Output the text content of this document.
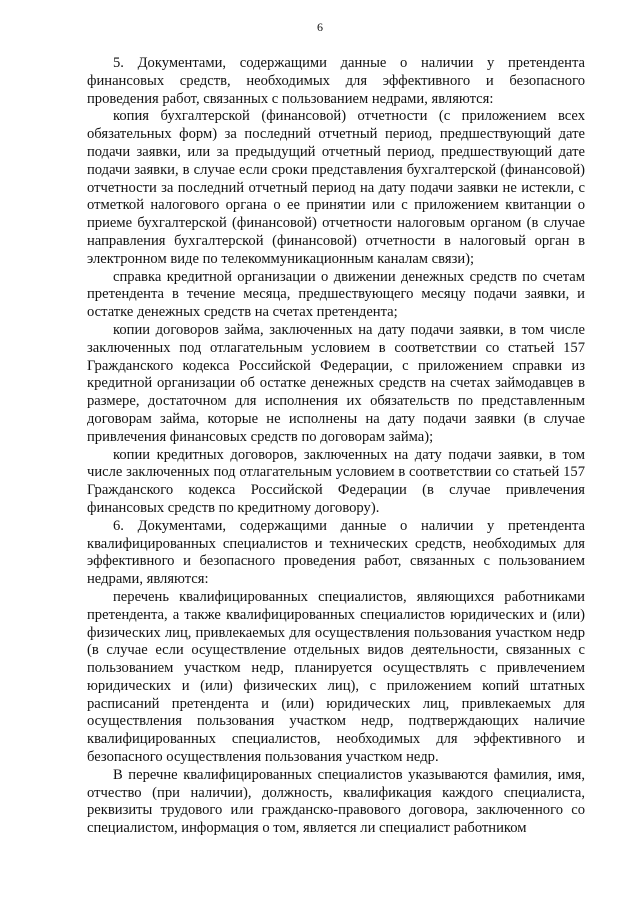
6

5. Документами, содержащими данные о наличии у претендента финансовых средств, необходимых для эффективного и безопасного проведения работ, связанных с пользованием недрами, являются:

копия бухгалтерской (финансовой) отчетности (с приложением всех обязательных форм) за последний отчетный период, предшествующий дате подачи заявки, или за предыдущий отчетный период, предшествующий дате подачи заявки, в случае если сроки представления бухгалтерской (финансовой) отчетности за последний отчетный период на дату подачи заявки не истекли, с отметкой налогового органа о ее принятии или с приложением квитанции о приеме бухгалтерской (финансовой) отчетности налоговым органом (в случае направления бухгалтерской (финансовой) отчетности в налоговый орган в электронном виде по телекоммуникационным каналам связи);

справка кредитной организации о движении денежных средств по счетам претендента в течение месяца, предшествующего месяцу подачи заявки, и остатке денежных средств на счетах претендента;

копии договоров займа, заключенных на дату подачи заявки, в том числе заключенных под отлагательным условием в соответствии со статьей 157 Гражданского кодекса Российской Федерации, с приложением справки из кредитной организации об остатке денежных средств на счетах займодавцев в размере, достаточном для исполнения их обязательств по представленным договорам займа, которые не исполнены на дату подачи заявки (в случае привлечения финансовых средств по договорам займа);

копии кредитных договоров, заключенных на дату подачи заявки, в том числе заключенных под отлагательным условием в соответствии со статьей 157 Гражданского кодекса Российской Федерации (в случае привлечения финансовых средств по кредитному договору).

6. Документами, содержащими данные о наличии у претендента квалифицированных специалистов и технических средств, необходимых для эффективного и безопасного проведения работ, связанных с пользованием недрами, являются:

перечень квалифицированных специалистов, являющихся работниками претендента, а также квалифицированных специалистов юридических и (или) физических лиц, привлекаемых для осуществления пользования участком недр (в случае если осуществление отдельных видов деятельности, связанных с пользованием участком недр, планируется осуществлять с привлечением юридических и (или) физических лиц), с приложением копий штатных расписаний претендента и (или) юридических лиц, привлекаемых для осуществления пользования участком недр, подтверждающих наличие квалифицированных специалистов, необходимых для эффективного и безопасного осуществления пользования участком недр.

В перечне квалифицированных специалистов указываются фамилия, имя, отчество (при наличии), должность, квалификация каждого специалиста, реквизиты трудового или гражданско-правового договора, заключенного со специалистом, информация о том, является ли специалист работником
